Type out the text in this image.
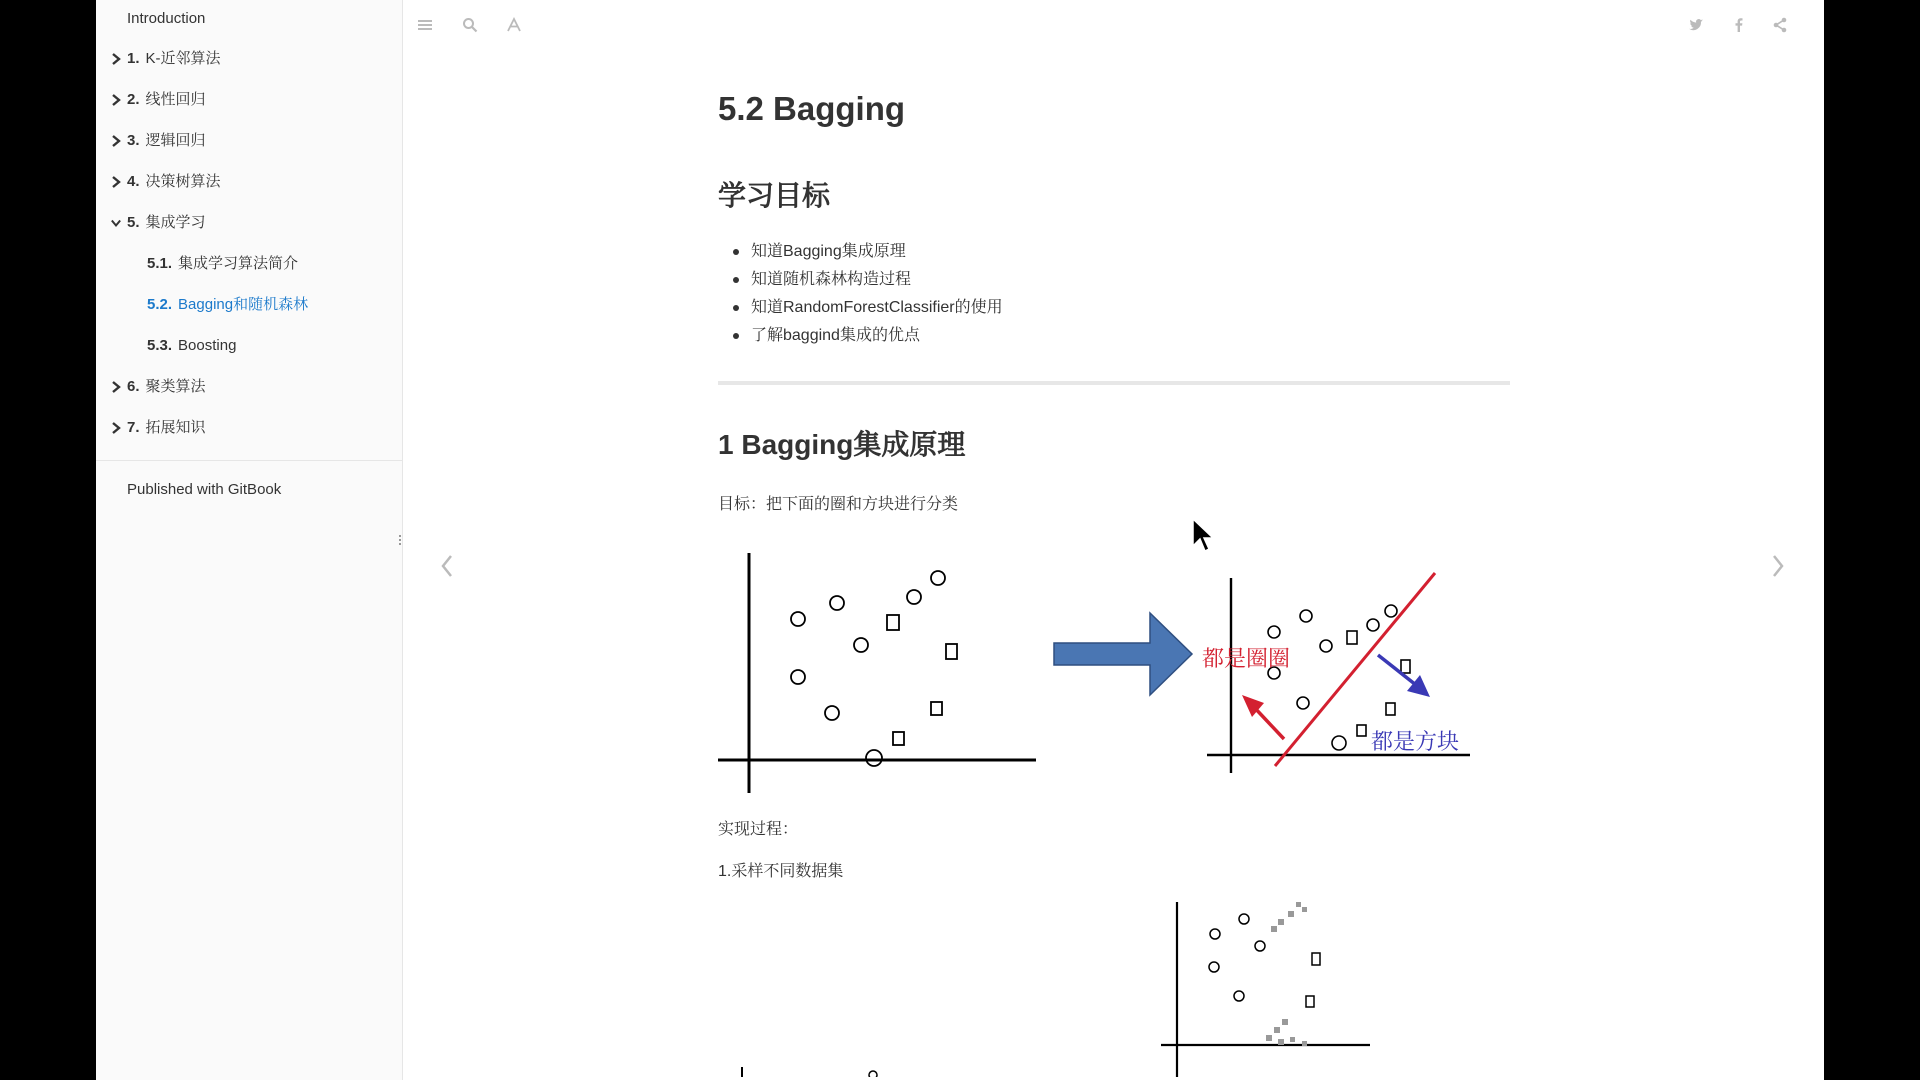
Introduction
1. K-近邻算法
2. 线性回归
3. 逻辑回归
4. 决策树算法
5. 集成学习
5.1. 集成学习算法简介
5.2. Bagging和随机森林
5.3. Boosting
6. 聚类算法
7. 拓展知识
Published with GitBook
5.2 Bagging
学习目标
知道Bagging集成原理
知道随机森林构造过程
知道RandomForestClassifier的使用
了解baggind集成的优点
1 Bagging集成原理

目标：把下面的圈和方块进行分类

都是圈圈
都是方块

实现过程：

1.采样不同数据集
